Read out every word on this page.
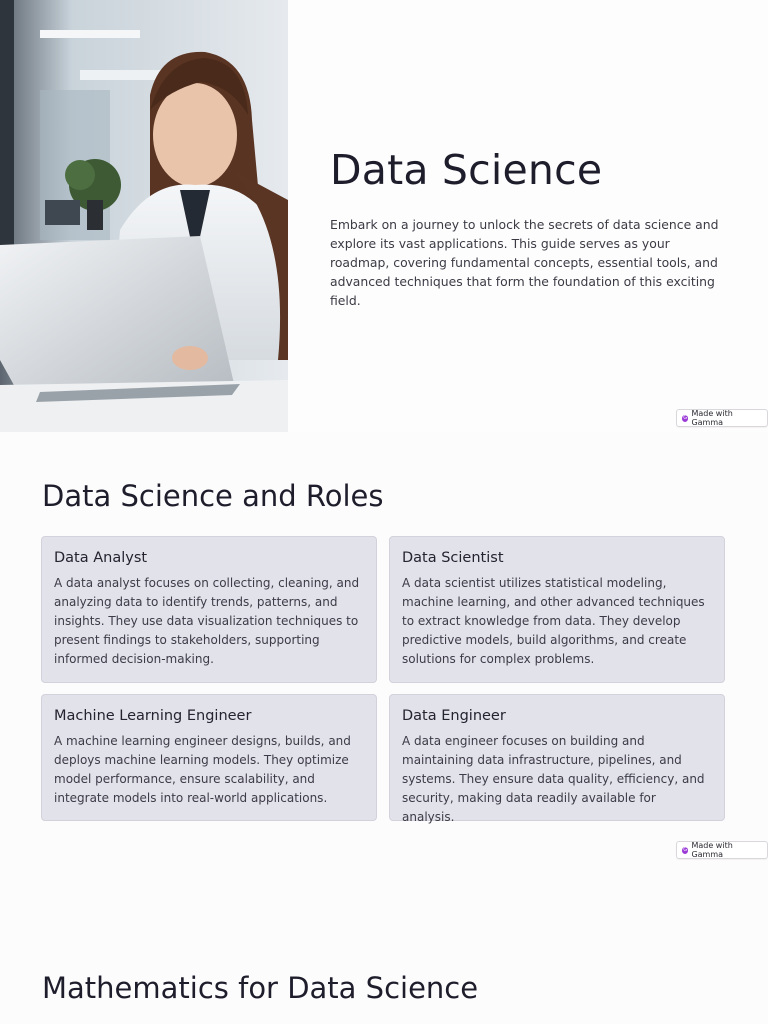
Data Science

Embark on a journey to unlock the secrets of data science and explore its vast applications. This guide serves as your roadmap, covering fundamental concepts, essential tools, and advanced techniques that form the foundation of this exciting field.

G Made with Gamma
Data Science and Roles
Data Analyst

A data analyst focuses on collecting, cleaning, and analyzing data to identify trends, patterns, and insights. They use data visualization techniques to present findings to stakeholders, supporting informed decision-making.

Data Scientist

A data scientist utilizes statistical modeling, machine learning, and other advanced techniques to extract knowledge from data. They develop predictive models, build algorithms, and create solutions for complex problems.

Machine Learning Engineer

A machine learning engineer designs, builds, and deploys machine learning models. They optimize model performance, ensure scalability, and integrate models into real-world applications.

Data Engineer

A data engineer focuses on building and maintaining data infrastructure, pipelines, and systems. They ensure data quality, efficiency, and security, making data readily available for analysis.

G Made with Gamma
Mathematics for Data Science
